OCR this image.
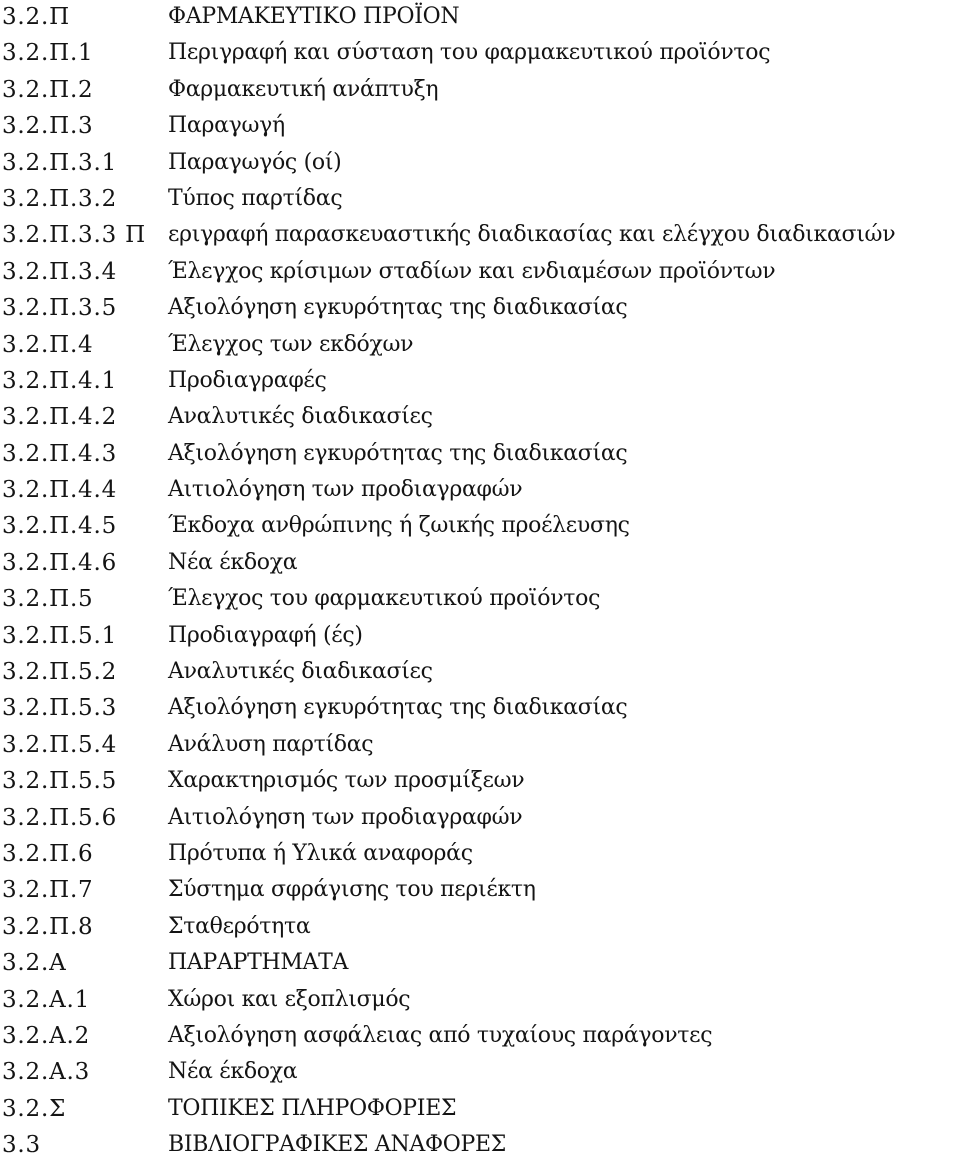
3.2.Π	ΦΑΡΜΑΚΕΥΤΙΚΟ ΠΡΟΪΟΝ
3.2.Π.1	Περιγραφή και σύσταση του φαρμακευτικού προϊόντος
3.2.Π.2	Φαρμακευτική ανάπτυξη
3.2.Π.3	Παραγωγή
3.2.Π.3.1 Παραγωγός (οί)
3.2.Π.3.2 Τύπος παρτίδας
3.2.Π.3.3 Π εριγραφή παρασκευαστικής διαδικασίας και ελέγχου διαδικασιών
3.2.Π.3.4 Έλεγχος κρίσιμων σταδίων και ενδιαμέσων προϊόντων
3.2.Π.3.5 Αξιολόγηση εγκυρότητας της διαδικασίας
3.2.Π.4	Έλεγχος των εκδόχων
3.2.Π.4.1 Προδιαγραφές
3.2.Π.4.2 Αναλυτικές διαδικασίες
3.2.Π.4.3 Αξιολόγηση εγκυρότητας της διαδικασίας
3.2.Π.4.4 Αιτιολόγηση των προδιαγραφών
3.2.Π.4.5 Έκδοχα ανθρώπινης ή ζωικής προέλευσης
3.2.Π.4.6 Νέα έκδοχα
3.2.Π.5	Έλεγχος του φαρμακευτικού προϊόντος
3.2.Π.5.1 Προδιαγραφή (ές)
3.2.Π.5.2 Αναλυτικές διαδικασίες
3.2.Π.5.3 Αξιολόγηση εγκυρότητας της διαδικασίας
3.2.Π.5.4 Ανάλυση παρτίδας
3.2.Π.5.5 Χαρακτηρισμός των προσμίξεων
3.2.Π.5.6 Αιτιολόγηση των προδιαγραφών
3.2.Π.6	Πρότυπα ή Υλικά αναφοράς
3.2.Π.7	Σύστημα σφράγισης του περιέκτη
3.2.Π.8	Σταθερότητα
3.2.Α	ΠΑΡΑΡΤΗΜΑΤΑ
3.2.Α.1	Χώροι και εξοπλισμός
3.2.Α.2	Αξιολόγηση ασφάλειας από τυχαίους παράγοντες
3.2.Α.3	Νέα έκδοχα
3.2.Σ	ΤΟΠΙΚΕΣ ΠΛΗΡΟΦΟΡΙΕΣ
3.3	ΒΙΒΛΙΟΓΡΑΦΙΚΕΣ ΑΝΑΦΟΡΕΣ
